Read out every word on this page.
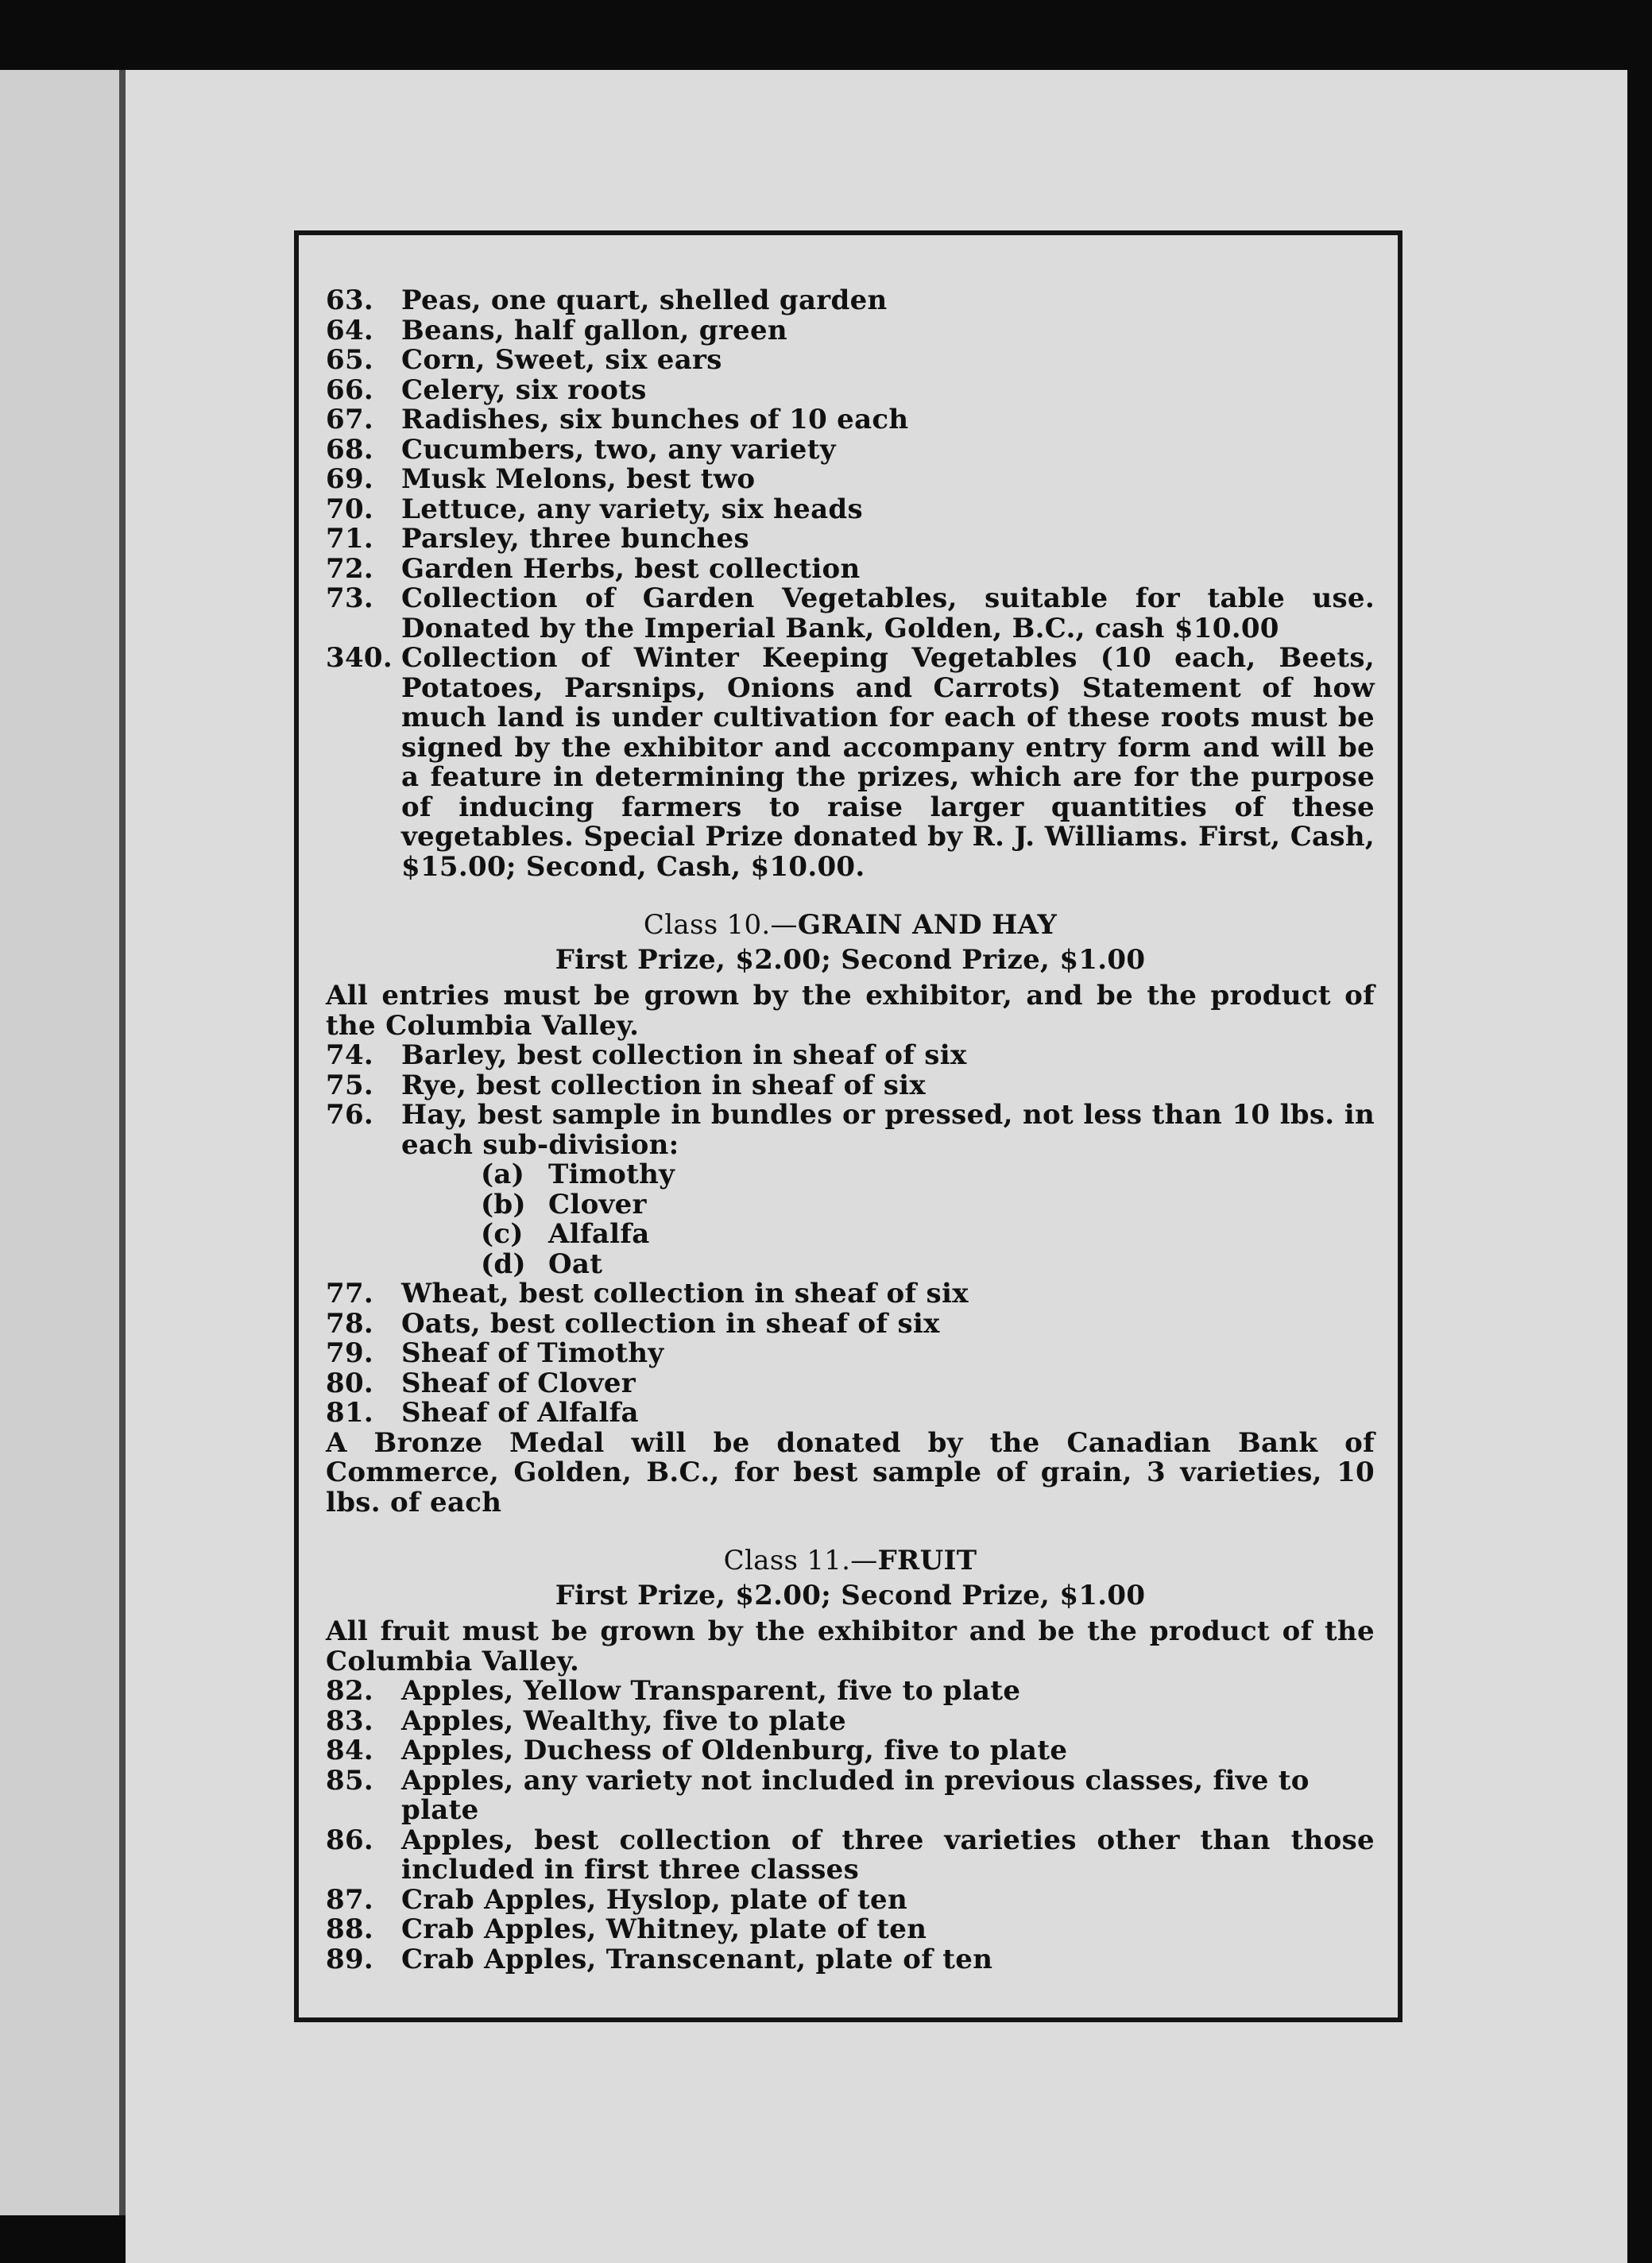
63.	Peas, one quart, shelled garden
64.	Beans, half gallon, green
65.	Corn, Sweet, six ears
66.	Celery, six roots
67.	Radishes, six bunches of 10 each
68.	Cucumbers, two, any variety
69.	Musk Melons, best two
70.	Lettuce, any variety, six heads
71.	Parsley, three bunches
72.	Garden Herbs, best collection
73.	Collection of Garden Vegetables, suitable for table use. Donated by the Imperial Bank, Golden, B.C., cash $10.00
340. Collection of Winter Keeping Vegetables (10 each, Beets, Potatoes, Parsnips, Onions and Carrots) Statement of how much land is under cultivation for each of these roots must be signed by the exhibitor and accompany entry form and will be a feature in determining the prizes, which are for the purpose of inducing farmers to raise larger quantities of these vegetables. Special Prize donated by R. J. Williams. First, Cash, $15.00; Second, Cash, $10.00.
Class 10.—GRAIN AND HAY
First Prize, $2.00; Second Prize, $1.00
All entries must be grown by the exhibitor, and be the product of the Columbia Valley.
74.	Barley, best collection in sheaf of six
75.	Rye, best collection in sheaf of six
76.	Hay, best sample in bundles or pressed, not less than 10 lbs. in each sub-division:
(a) Timothy
(b) Clover
(c) Alfalfa
(d) Oat
77.	Wheat, best collection in sheaf of six
78.	Oats, best collection in sheaf of six
79.	Sheaf of Timothy
80.	Sheaf of Clover
81.	Sheaf of Alfalfa
A Bronze Medal will be donated by the Canadian Bank of Commerce, Golden, B.C., for best sample of grain, 3 varieties, 10 lbs. of each
Class 11.—FRUIT
First Prize, $2.00; Second Prize, $1.00
All fruit must be grown by the exhibitor and be the product of the Columbia Valley.
82.	Apples, Yellow Transparent, five to plate
83.	Apples, Wealthy, five to plate
84.	Apples, Duchess of Oldenburg, five to plate
85.	Apples, any variety not included in previous classes, five to plate
86.	Apples, best collection of three varieties other than those included in first three classes
87.	Crab Apples, Hyslop, plate of ten
88.	Crab Apples, Whitney, plate of ten
89.	Crab Apples, Transcenant, plate of ten
